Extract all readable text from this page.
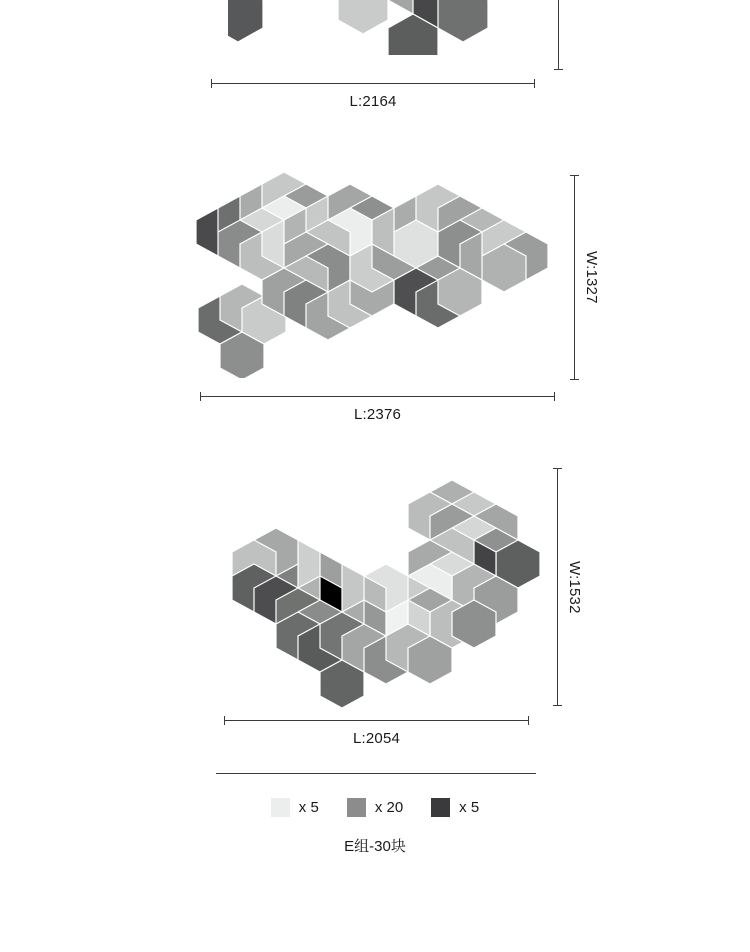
L:2164
L:2376
W:1327
L:2054
W:1532
x 5	x 20	x 5
E组-30块
